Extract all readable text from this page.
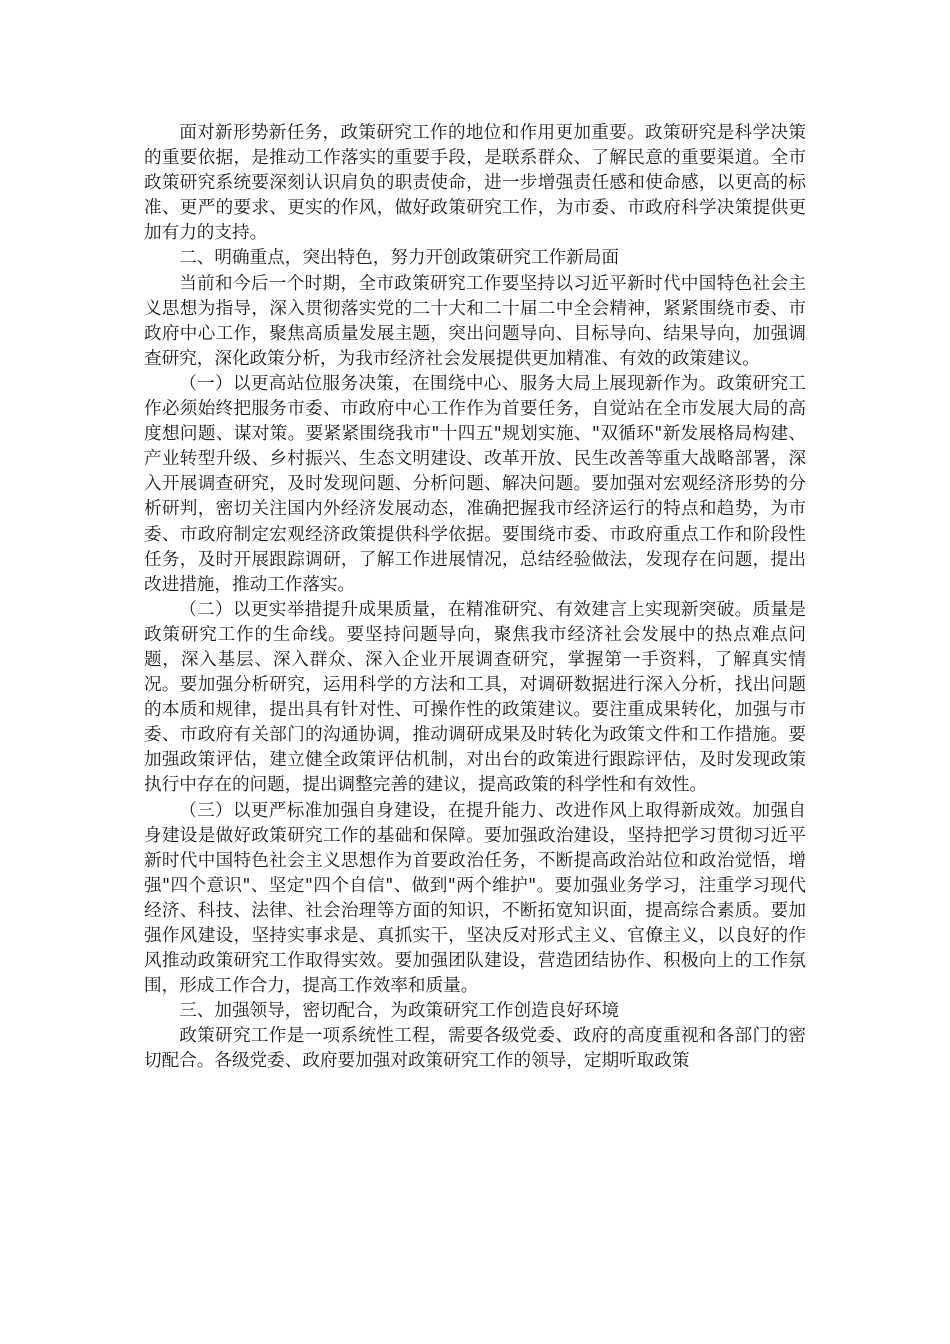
面对新形势新任务，政策研究工作的地位和作用更加重要。政策研究是科学决策的重要依据，是推动工作落实的重要手段，是联系群众、了解民意的重要渠道。全市政策研究系统要深刻认识肩负的职责使命，进一步增强责任感和使命感，以更高的标准、更严的要求、更实的作风，做好政策研究工作，为市委、市政府科学决策提供更加有力的支持。

二、明确重点，突出特色，努力开创政策研究工作新局面

当前和今后一个时期，全市政策研究工作要坚持以习近平新时代中国特色社会主义思想为指导，深入贯彻落实党的二十大和二十届二中全会精神，紧紧围绕市委、市政府中心工作，聚焦高质量发展主题，突出问题导向、目标导向、结果导向，加强调查研究，深化政策分析，为我市经济社会发展提供更加精准、有效的政策建议。

（一）以更高站位服务决策，在围绕中心、服务大局上展现新作为。政策研究工作必须始终把服务市委、市政府中心工作作为首要任务，自觉站在全市发展大局的高度想问题、谋对策。要紧紧围绕我市"十四五"规划实施、"双循环"新发展格局构建、产业转型升级、乡村振兴、生态文明建设、改革开放、民生改善等重大战略部署，深入开展调查研究，及时发现问题、分析问题、解决问题。要加强对宏观经济形势的分析研判，密切关注国内外经济发展动态，准确把握我市经济运行的特点和趋势，为市委、市政府制定宏观经济政策提供科学依据。要围绕市委、市政府重点工作和阶段性任务，及时开展跟踪调研，了解工作进展情况，总结经验做法，发现存在问题，提出改进措施，推动工作落实。

（二）以更实举措提升成果质量，在精准研究、有效建言上实现新突破。质量是政策研究工作的生命线。要坚持问题导向，聚焦我市经济社会发展中的热点难点问题，深入基层、深入群众、深入企业开展调查研究，掌握第一手资料，了解真实情况。要加强分析研究，运用科学的方法和工具，对调研数据进行深入分析，找出问题的本质和规律，提出具有针对性、可操作性的政策建议。要注重成果转化，加强与市委、市政府有关部门的沟通协调，推动调研成果及时转化为政策文件和工作措施。要加强政策评估，建立健全政策评估机制，对出台的政策进行跟踪评估，及时发现政策执行中存在的问题，提出调整完善的建议，提高政策的科学性和有效性。

（三）以更严标准加强自身建设，在提升能力、改进作风上取得新成效。加强自身建设是做好政策研究工作的基础和保障。要加强政治建设，坚持把学习贯彻习近平新时代中国特色社会主义思想作为首要政治任务，不断提高政治站位和政治觉悟，增强"四个意识"、坚定"四个自信"、做到"两个维护"。要加强业务学习，注重学习现代经济、科技、法律、社会治理等方面的知识，不断拓宽知识面，提高综合素质。要加强作风建设，坚持实事求是、真抓实干，坚决反对形式主义、官僚主义，以良好的作风推动政策研究工作取得实效。要加强团队建设，营造团结协作、积极向上的工作氛围，形成工作合力，提高工作效率和质量。

三、加强领导，密切配合，为政策研究工作创造良好环境

政策研究工作是一项系统性工程，需要各级党委、政府的高度重视和各部门的密切配合。各级党委、政府要加强对政策研究工作的领导，定期听取政策
